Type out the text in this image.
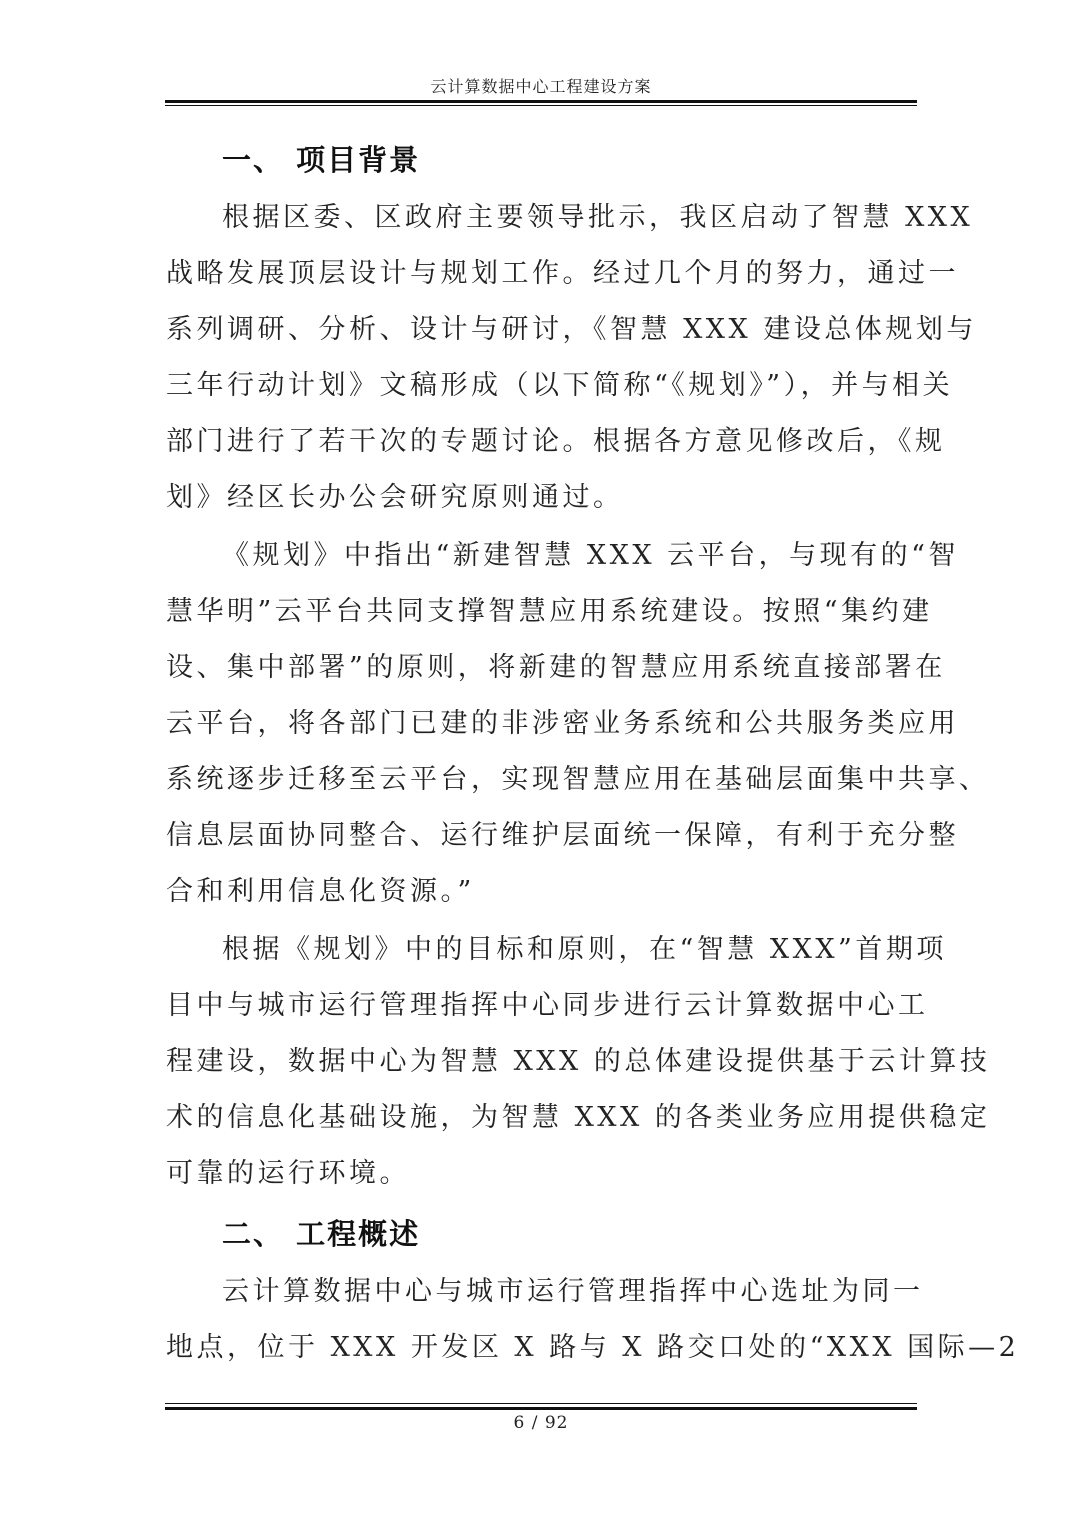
云计算数据中心工程建设方案
一、 项目背景
根据区委、区政府主要领导批示，我区启动了智慧 XXX
战略发展顶层设计与规划工作。经过几个月的努力，通过一
系列调研、分析、设计与研讨，《智慧 XXX 建设总体规划与
三年行动计划》文稿形成（以下简称“《规划》”），并与相关
部门进行了若干次的专题讨论。根据各方意见修改后，《规
划》经区长办公会研究原则通过。
《规划》中指出“新建智慧 XXX 云平台，与现有的“智
慧华明”云平台共同支撑智慧应用系统建设。按照“集约建
设、集中部署”的原则，将新建的智慧应用系统直接部署在
云平台，将各部门已建的非涉密业务系统和公共服务类应用
系统逐步迁移至云平台，实现智慧应用在基础层面集中共享、
信息层面协同整合、运行维护层面统一保障，有利于充分整
合和利用信息化资源。”
根据《规划》中的目标和原则，在“智慧 XXX”首期项
目中与城市运行管理指挥中心同步进行云计算数据中心工
程建设，数据中心为智慧 XXX 的总体建设提供基于云计算技
术的信息化基础设施，为智慧 XXX 的各类业务应用提供稳定
可靠的运行环境。
二、 工程概述
云计算数据中心与城市运行管理指挥中心选址为同一
地点，位于 XXX 开发区 X 路与 X 路交口处的“XXX 国际—2
6 / 92
